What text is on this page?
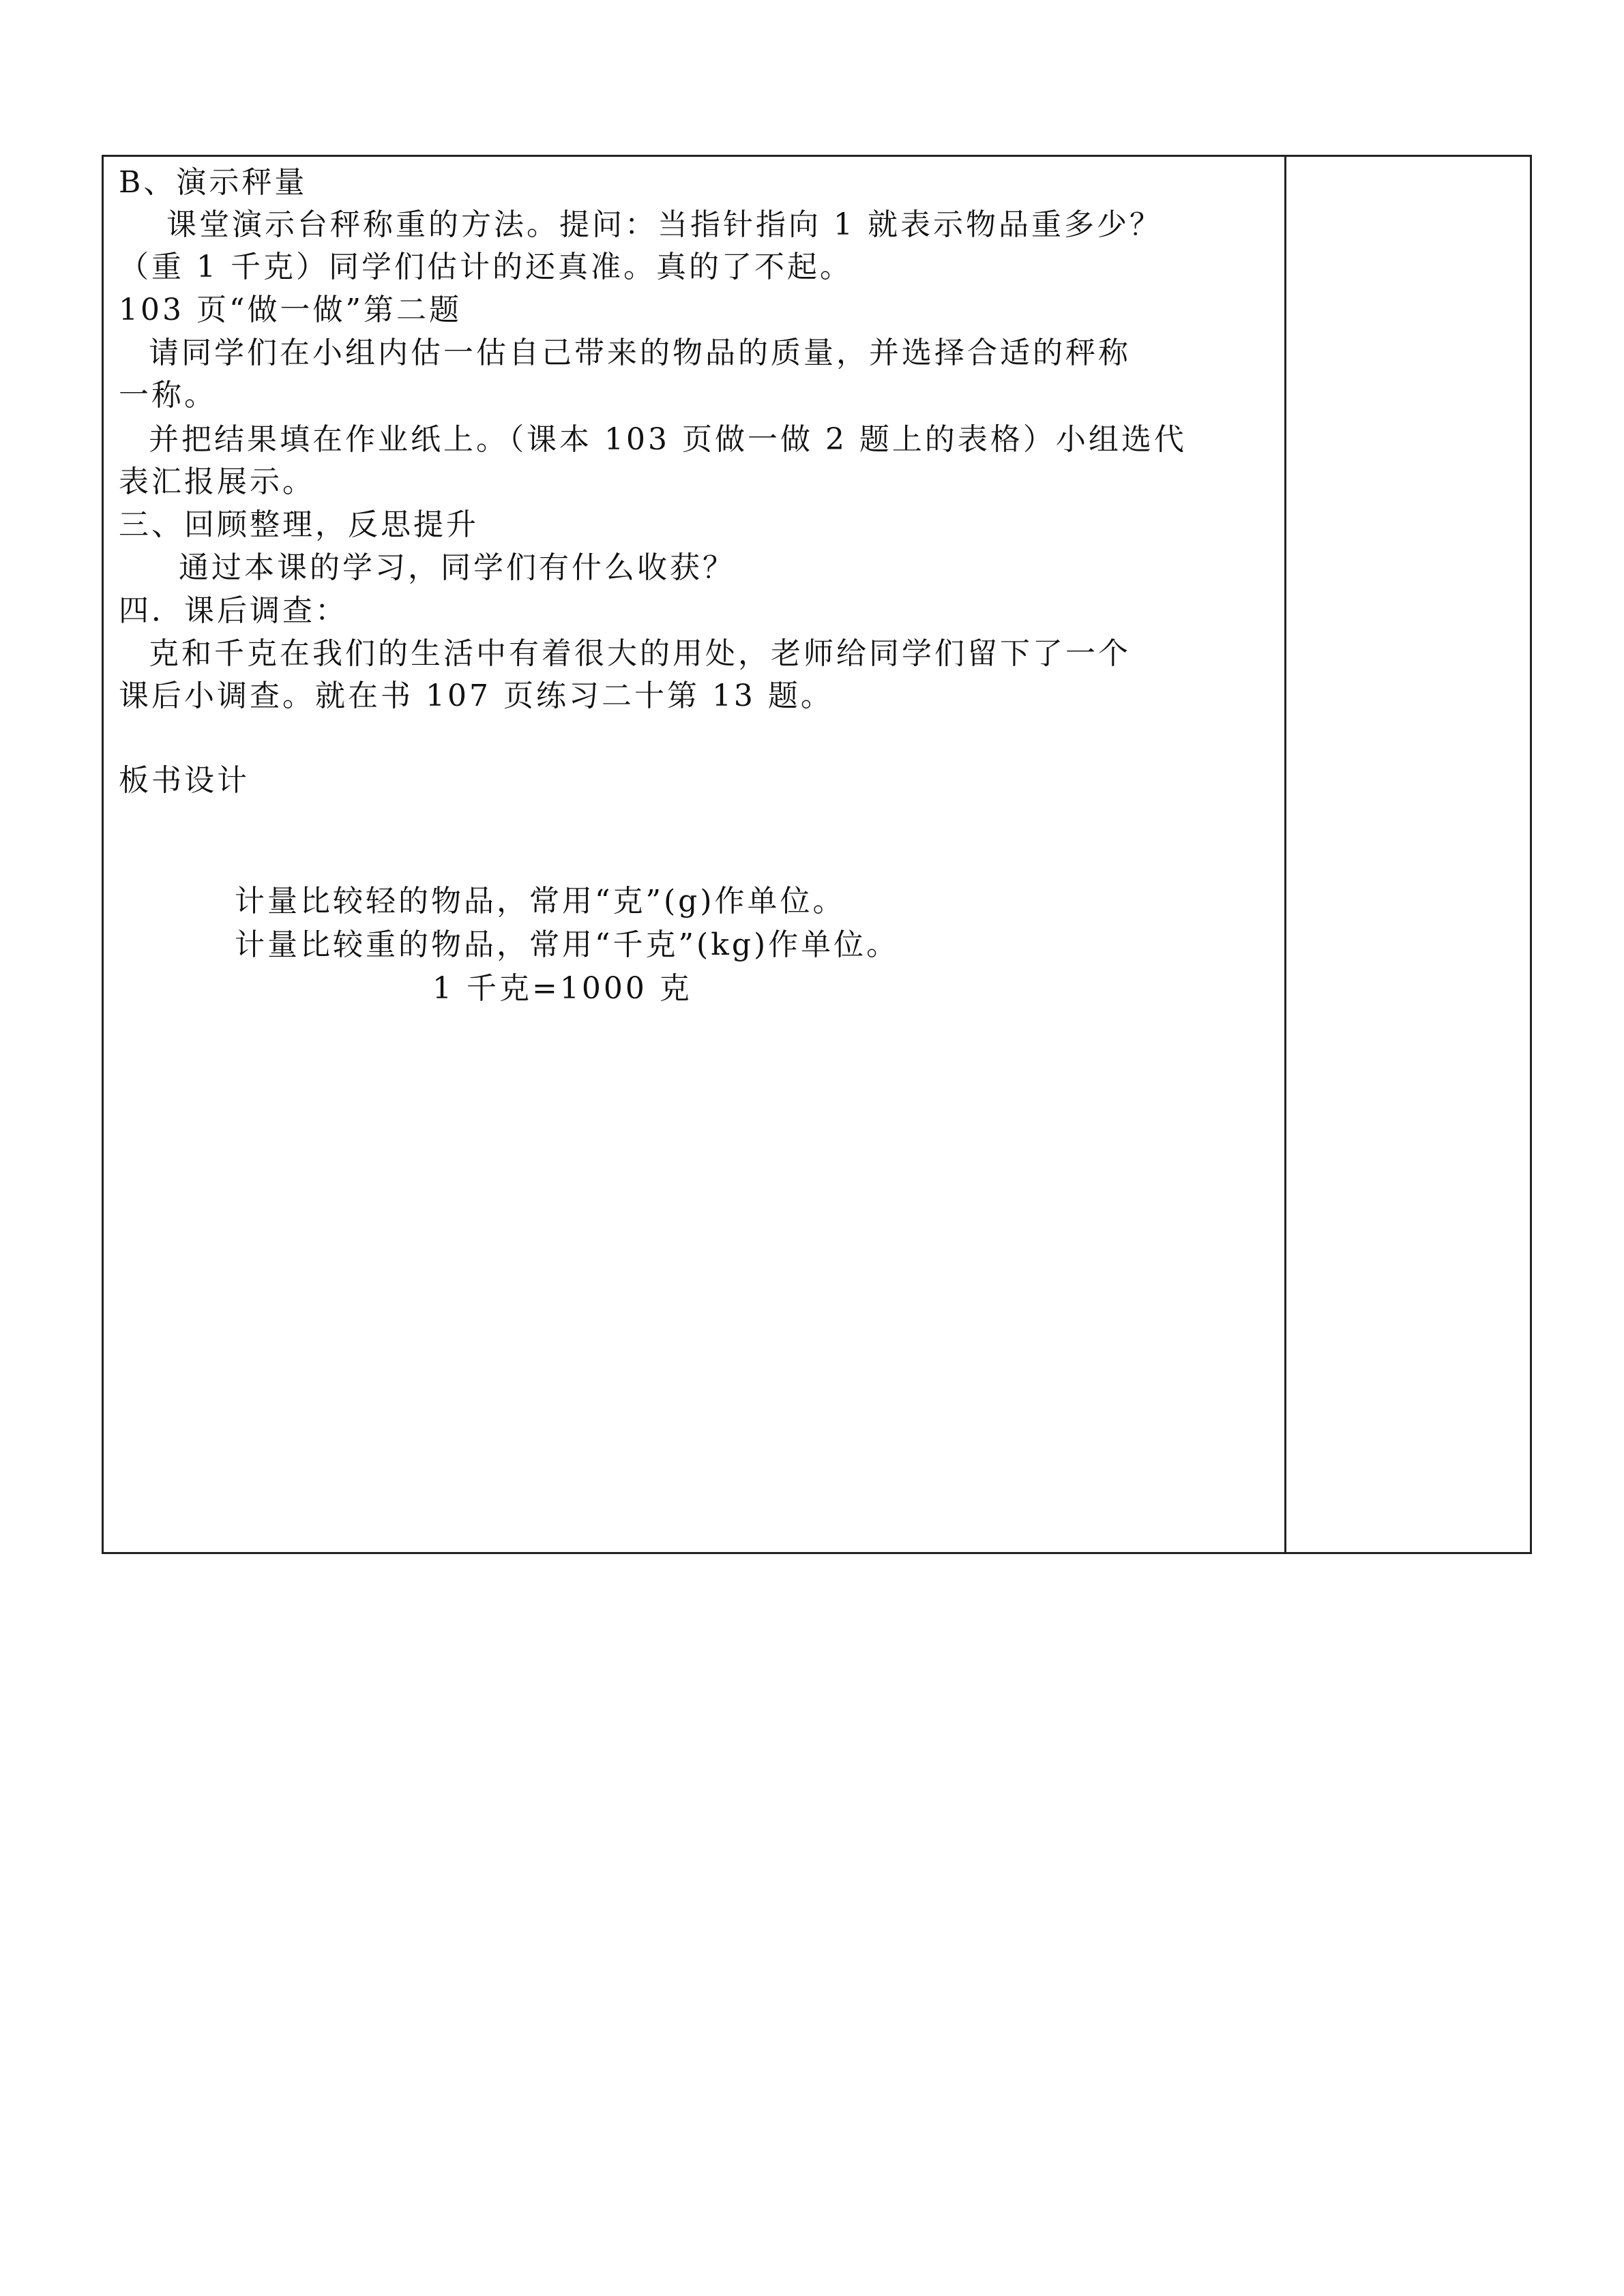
B、演示秤量
课堂演示台秤称重的方法。提问：当指针指向 1 就表示物品重多少？
（重 1 千克）同学们估计的还真准。真的了不起。
103 页“做一做”第二题
请同学们在小组内估一估自己带来的物品的质量，并选择合适的秤称
一称。
并把结果填在作业纸上。（课本 103 页做一做 2 题上的表格）小组选代
表汇报展示。
三、回顾整理，反思提升
通过本课的学习，同学们有什么收获？
四．课后调查：
克和千克在我们的生活中有着很大的用处，老师给同学们留下了一个
课后小调查。就在书 107 页练习二十第 13 题。
板书设计
计量比较轻的物品，常用“克”(g)作单位。
计量比较重的物品，常用“千克”(kg)作单位。
1 千克=1000 克
